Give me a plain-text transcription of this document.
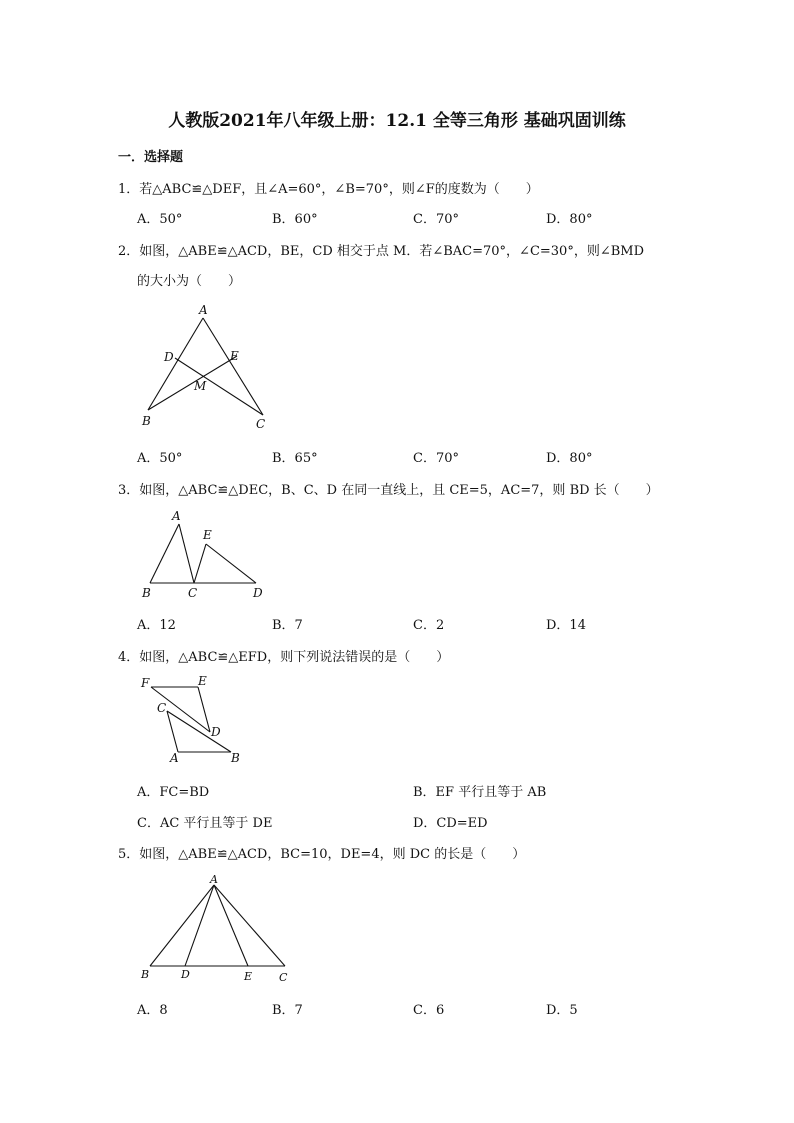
人教版2021年八年级上册：12.1 全等三角形 基础巩固训练
一．选择题
1．若△ABC≌△DEF，且∠A=60°，∠B=70°，则∠F的度数为（　　）
A．50°	B．60°	C．70°	D．80°
2．如图，△ABE≌△ACD，BE，CD 相交于点 M．若∠BAC=70°，∠C=30°，则∠BMD
的大小为（　　）
A
D	E
M
B	C
A
E
B	C	D
F	E
C
D
A	B
A
B	D	E C
A．50°	B．65°	C．70°	D．80°
3．如图，△ABC≌△DEC，B、C、D 在同一直线上，且 CE=5，AC=7，则 BD 长（　　）
A．12	B．7	C．2	D．14
4．如图，△ABC≌△EFD，则下列说法错误的是（　　）
A．FC=BD	B．EF 平行且等于 AB
C．AC 平行且等于 DE	D．CD=ED
5．如图，△ABE≌△ACD，BC=10，DE=4，则 DC 的长是（　　）
A．8	B．7	C．6	D．5
